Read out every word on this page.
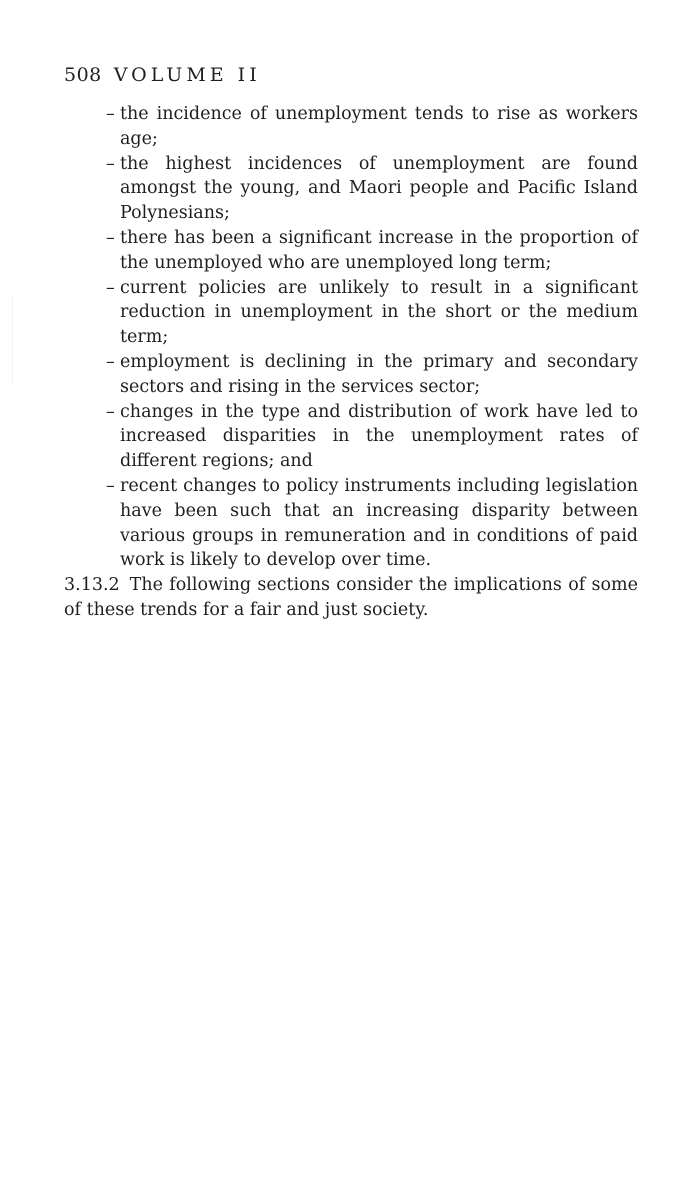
508 VOLUME II
– the incidence of unemployment tends to rise as workers age;
– the highest incidences of unemployment are found amongst the young, and Maori people and Pacific Island Polynesians;
– there has been a significant increase in the proportion of the unemployed who are unemployed long term;
– current policies are unlikely to result in a significant reduction in unemployment in the short or the medium term;
– employment is declining in the primary and secondary sectors and rising in the services sector;
– changes in the type and distribution of work have led to increased disparities in the unemployment rates of different regions; and
– recent changes to policy instruments including legislation have been such that an increasing disparity between various groups in remuneration and in conditions of paid work is likely to develop over time.

3.13.2 The following sections consider the implications of some of these trends for a fair and just society.
